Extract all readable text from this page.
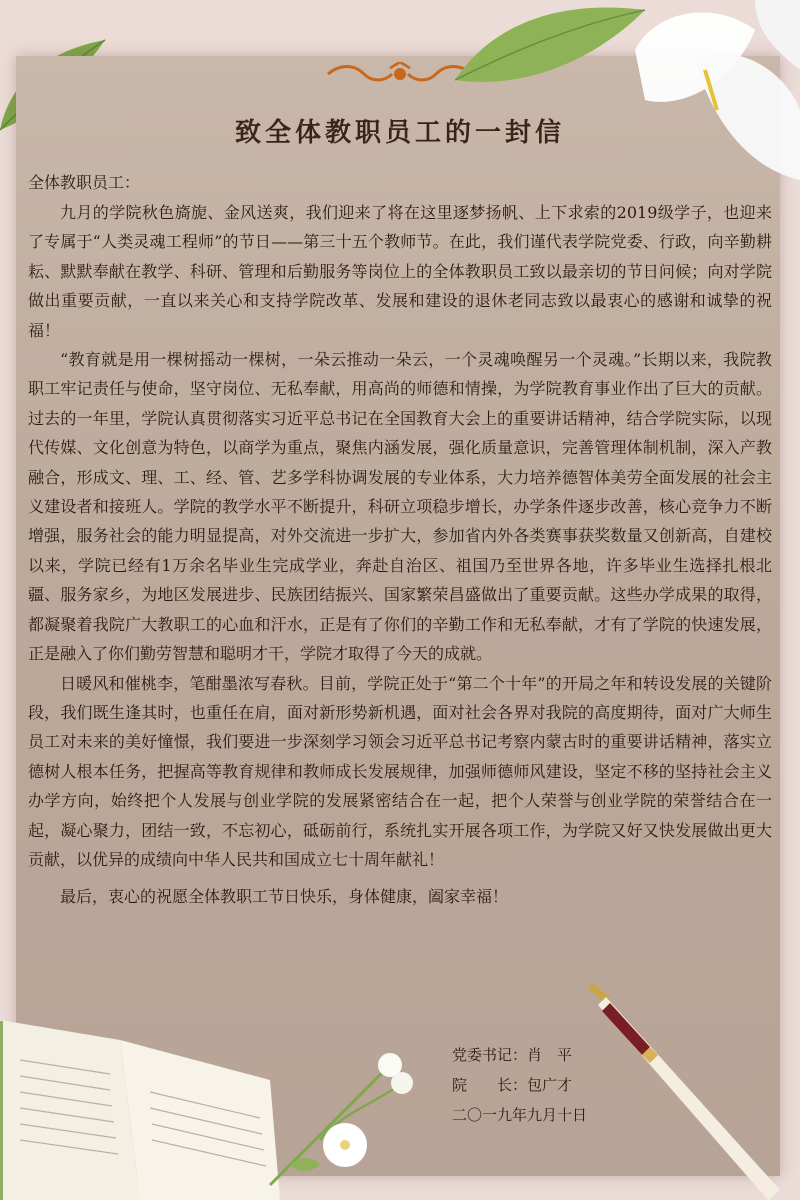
致全体教职员工的一封信

全体教职员工：

九月的学院秋色旖旎、金风送爽，我们迎来了将在这里逐梦扬帆、上下求索的2019级学子，也迎来了专属于“人类灵魂工程师”的节日——第三十五个教师节。在此，我们谨代表学院党委、行政，向辛勤耕耘、默默奉献在教学、科研、管理和后勤服务等岗位上的全体教职员工致以最亲切的节日问候；向对学院做出重要贡献，一直以来关心和支持学院改革、发展和建设的退休老同志致以最衷心的感谢和诚挚的祝福！

“教育就是用一棵树摇动一棵树，一朵云推动一朵云，一个灵魂唤醒另一个灵魂。”长期以来，我院教职工牢记责任与使命，坚守岗位、无私奉献，用高尚的师德和情操，为学院教育事业作出了巨大的贡献。过去的一年里，学院认真贯彻落实习近平总书记在全国教育大会上的重要讲话精神，结合学院实际，以现代传媒、文化创意为特色，以商学为重点，聚焦内涵发展，强化质量意识，完善管理体制机制，深入产教融合，形成文、理、工、经、管、艺多学科协调发展的专业体系，大力培养德智体美劳全面发展的社会主义建设者和接班人。学院的教学水平不断提升，科研立项稳步增长，办学条件逐步改善，核心竞争力不断增强，服务社会的能力明显提高，对外交流进一步扩大，参加省内外各类赛事获奖数量又创新高，自建校以来，学院已经有1万余名毕业生完成学业，奔赴自治区、祖国乃至世界各地，许多毕业生选择扎根北疆、服务家乡，为地区发展进步、民族团结振兴、国家繁荣昌盛做出了重要贡献。这些办学成果的取得，都凝聚着我院广大教职工的心血和汗水，正是有了你们的辛勤工作和无私奉献，才有了学院的快速发展，正是融入了你们勤劳智慧和聪明才干，学院才取得了今天的成就。

日暖风和催桃李，笔酣墨浓写春秋。目前，学院正处于“第二个十年”的开局之年和转设发展的关键阶段，我们既生逢其时，也重任在肩，面对新形势新机遇，面对社会各界对我院的高度期待，面对广大师生员工对未来的美好憧憬，我们要进一步深刻学习领会习近平总书记考察内蒙古时的重要讲话精神，落实立德树人根本任务，把握高等教育规律和教师成长发展规律，加强师德师风建设，坚定不移的坚持社会主义办学方向，始终把个人发展与创业学院的发展紧密结合在一起，把个人荣誉与创业学院的荣誉结合在一起，凝心聚力，团结一致，不忘初心，砥砺前行，系统扎实开展各项工作，为学院又好又快发展做出更大贡献，以优异的成绩向中华人民共和国成立七十周年献礼！

最后，衷心的祝愿全体教职工节日快乐，身体健康，阖家幸福！

党委书记：肖　平
院　　长：包广才
二〇一九年九月十日
